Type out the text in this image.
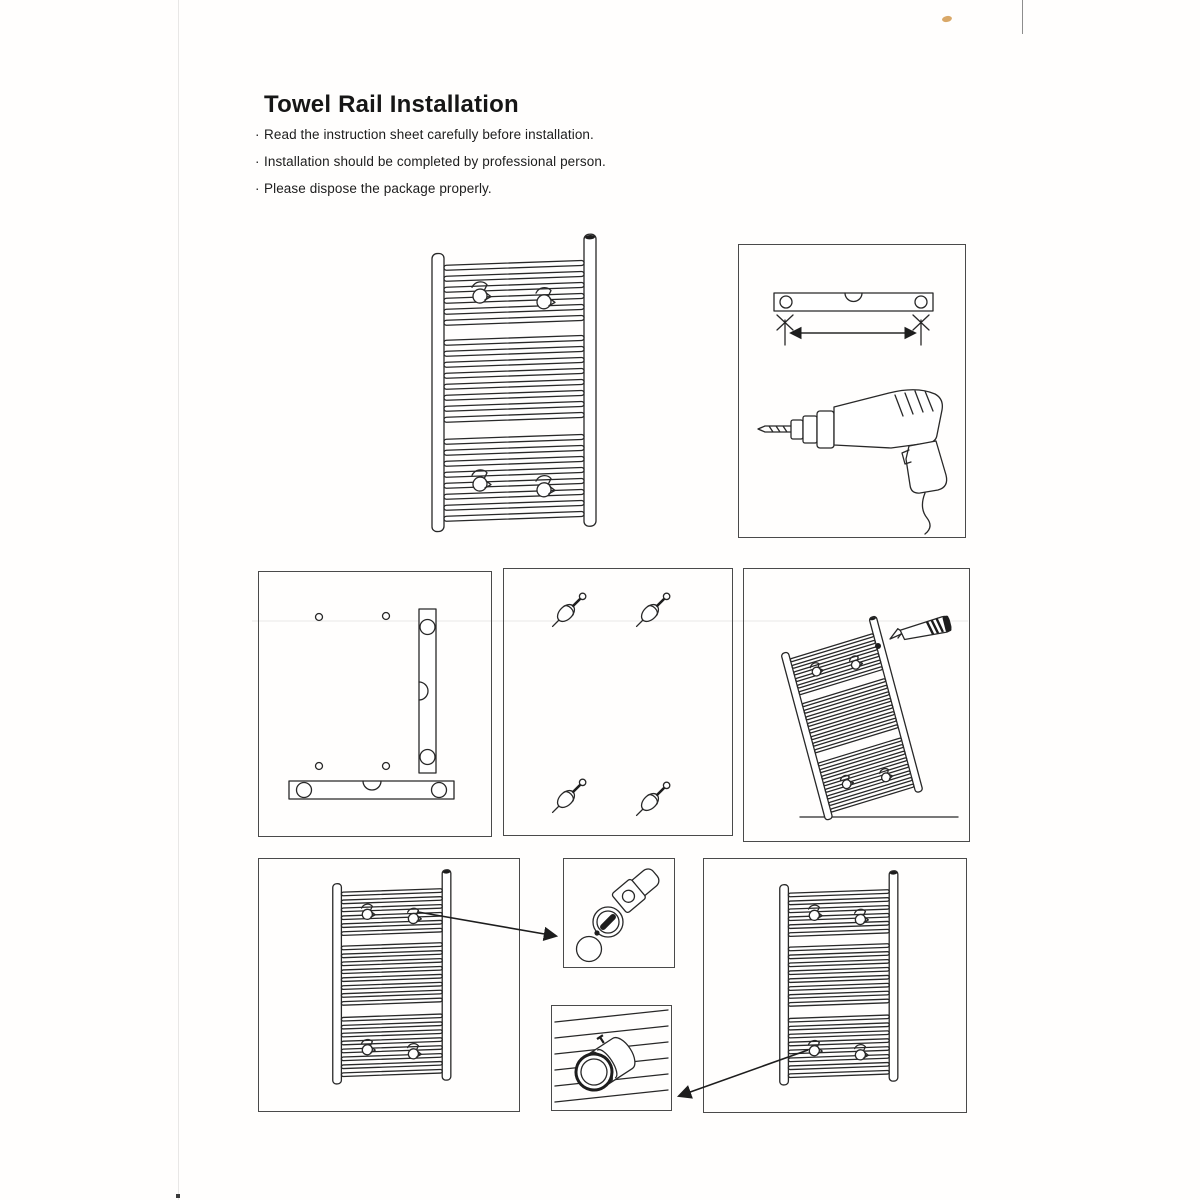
Towel Rail Installation
· Read the instruction sheet carefully before installation.
· Installation should be completed by professional person.
· Please dispose the package properly.
